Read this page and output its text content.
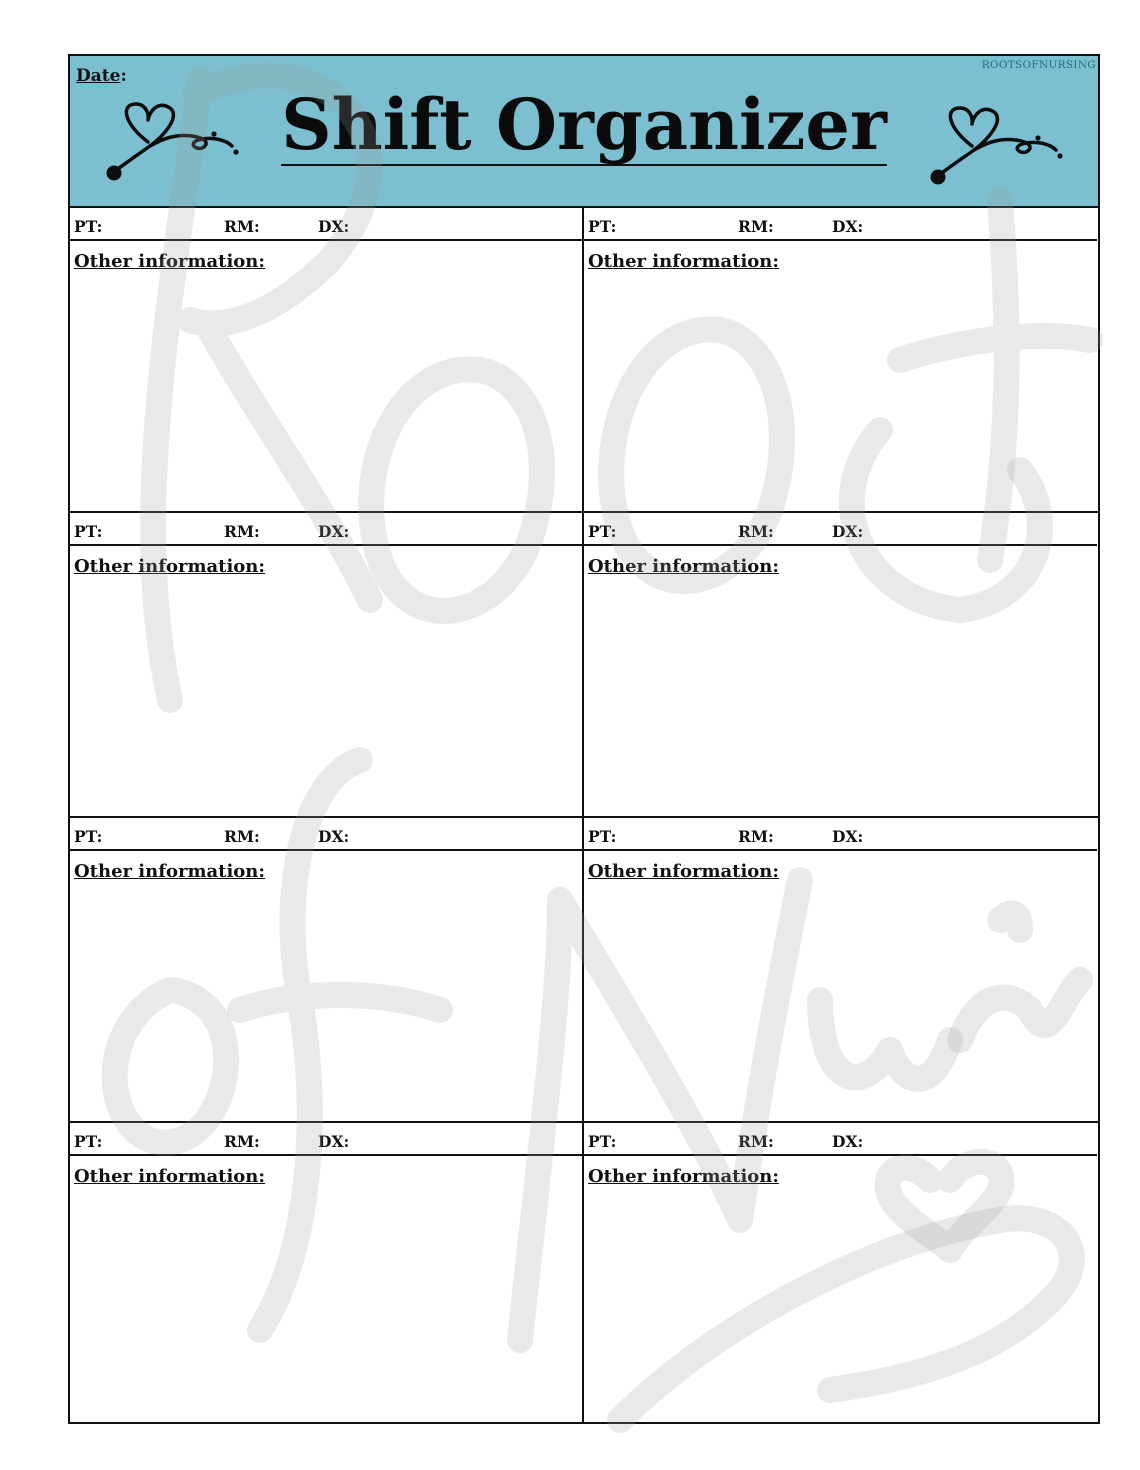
Date:
ROOTSOFNURSING
Shift Organizer
PT:	RM:	DX:
Other information:
PT:	RM:	DX:
Other information:
PT:	RM:	DX:
Other information:
PT:	RM:	DX:
Other information:
PT:	RM:	DX:
Other information:
PT:	RM:	DX:
Other information:
PT:	RM:	DX:
Other information:
PT:	RM:	DX:
Other information:
